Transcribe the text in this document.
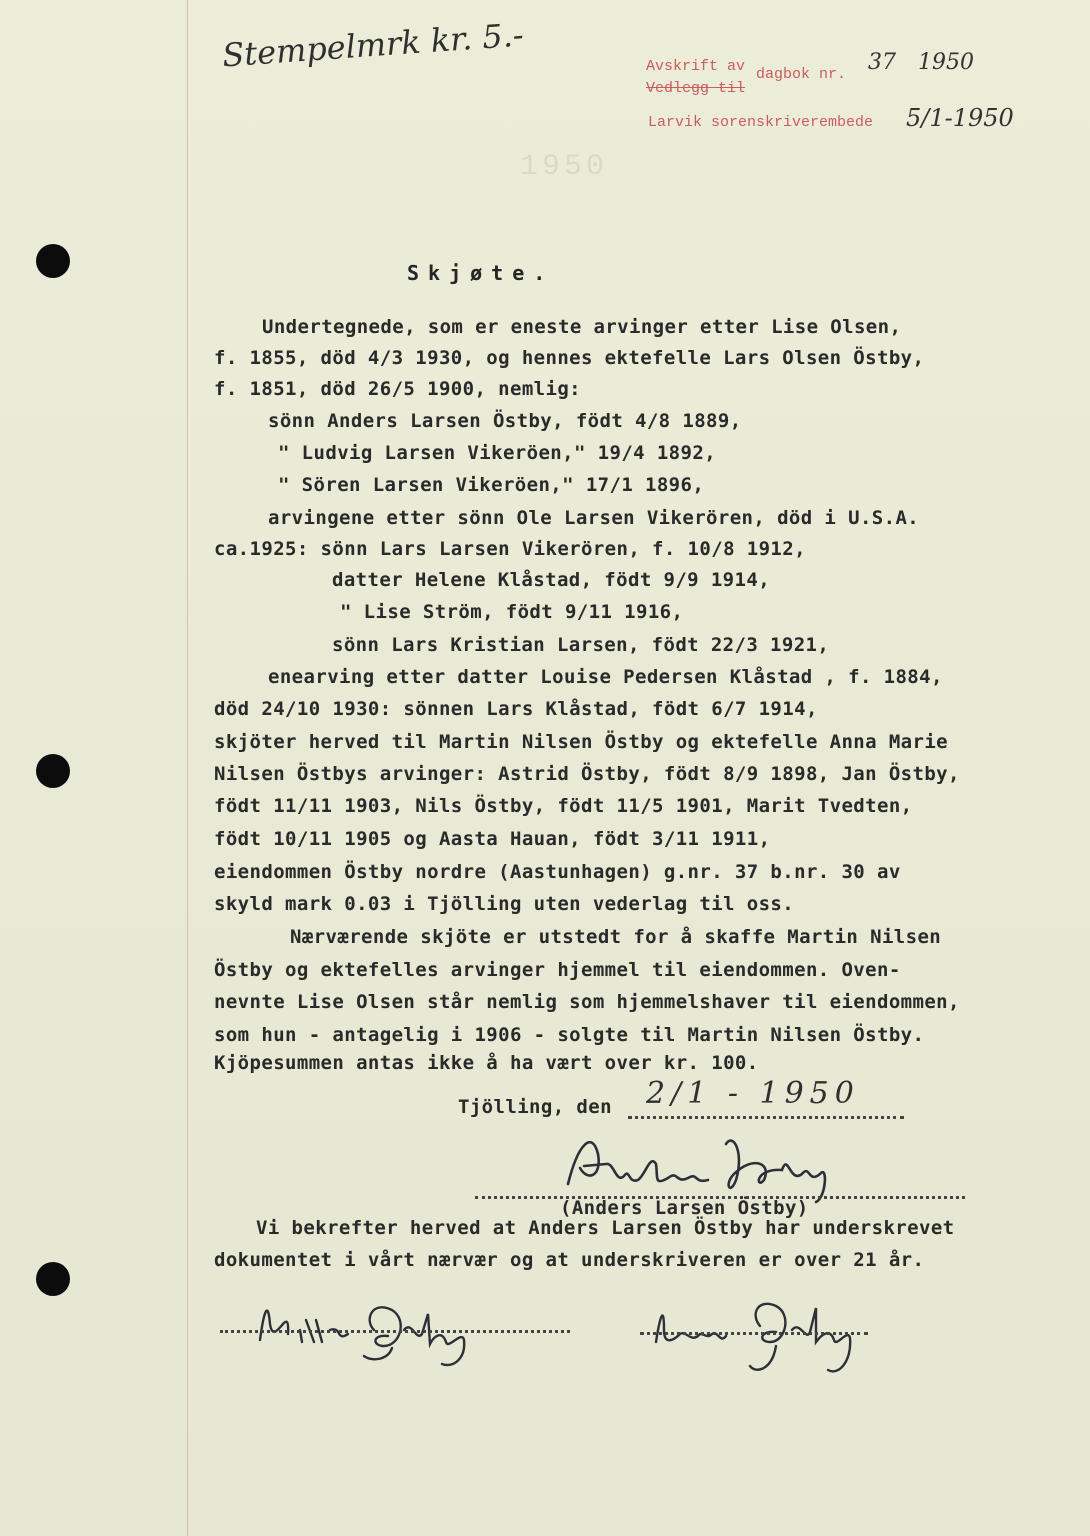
Stempelmrk kr. 5.-	Avskrift av
Vedlegg til
dagbok nr. 37 1950
Larvik sorenskriverembede 5/1-1950
1950
Skjøte.
Undertegnede, som er eneste arvinger etter Lise Olsen,
f. 1855, död 4/3 1930, og hennes ektefelle Lars Olsen Östby,
f. 1851, död 26/5 1900, nemlig:
sönn Anders Larsen Östby, födt 4/8 1889,
" Ludvig Larsen Vikeröen," 19/4 1892,
" Sören Larsen Vikeröen," 17/1 1896,
arvingene etter sönn Ole Larsen Vikerören, död i U.S.A.
ca.1925: sönn Lars Larsen Vikerören, f. 10/8 1912,
datter Helene Klåstad, födt 9/9 1914,
" Lise Ström, födt 9/11 1916,
sönn Lars Kristian Larsen, födt 22/3 1921,
enearving etter datter Louise Pedersen Klåstad , f. 1884,
död 24/10 1930: sönnen Lars Klåstad, födt 6/7 1914,
skjöter herved til Martin Nilsen Östby og ektefelle Anna Marie
Nilsen Östbys arvinger: Astrid Östby, födt 8/9 1898, Jan Östby,
födt 11/11 1903, Nils Östby, födt 11/5 1901, Marit Tvedten,
födt 10/11 1905 og Aasta Hauan, födt 3/11 1911,
eiendommen Östby nordre (Aastunhagen) g.nr. 37 b.nr. 30 av
skyld mark 0.03 i Tjölling uten vederlag til oss.
Nærværende skjöte er utstedt for å skaffe Martin Nilsen
Östby og ektefelles arvinger hjemmel til eiendommen. Oven-
nevnte Lise Olsen står nemlig som hjemmelshaver til eiendommen,
som hun - antagelig i 1906 - solgte til Martin Nilsen Östby.
Kjöpesummen antas ikke å ha vært over kr. 100.
Tjölling, den 2/1 - 1950
(Anders Larsen Östby)
Vi bekrefter herved at Anders Larsen Östby har underskrevet
dokumentet i vårt nærvær og at underskriveren er over 21 år.
